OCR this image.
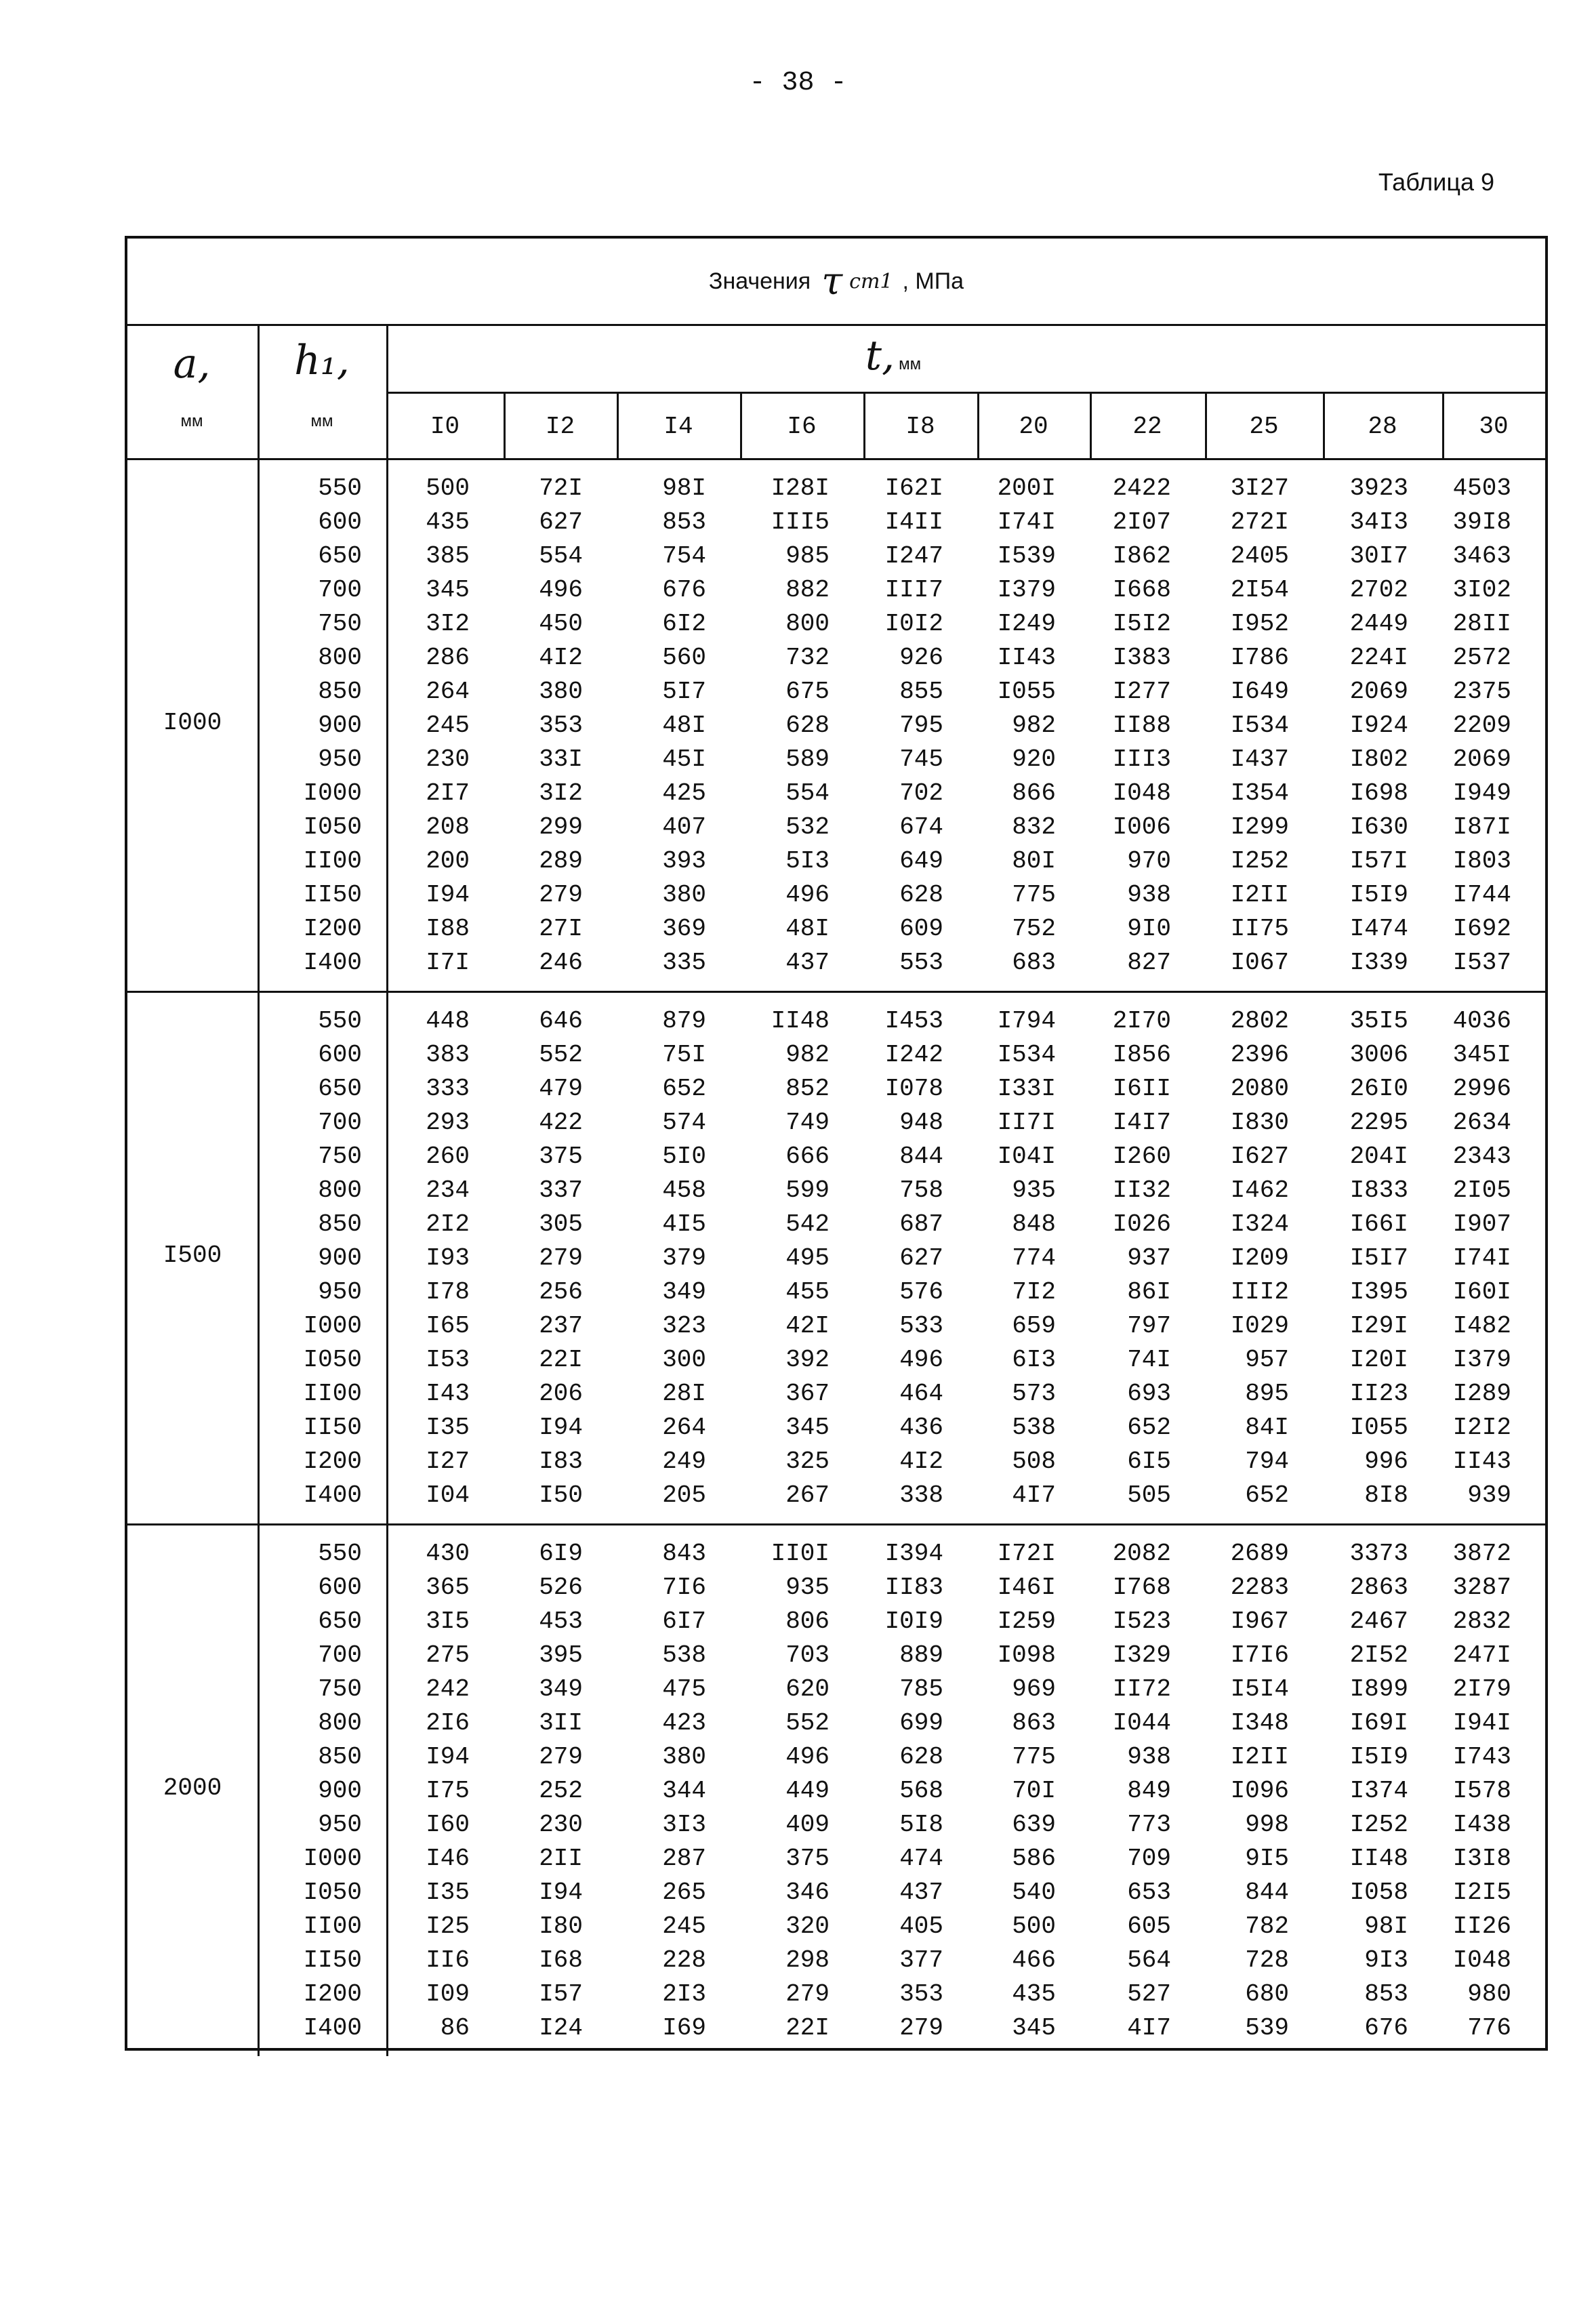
- 38 -
Таблица 9
Значения τ ст1 , МПа
a,
мм
h₁,
мм
t, мм
I0	I2	I4	I6	I8	20	22	25	28	30
I000
550	500	72I	98I	I28I	I62I	200I	2422	3I27	3923	4503
600	435	627	853	III5	I4II	I74I	2I07	272I	34I3	39I8
650	385	554	754	985	I247	I539	I862	2405	30I7	3463
700	345	496	676	882	III7	I379	I668	2I54	2702	3I02
750	3I2	450	6I2	800	I0I2	I249	I5I2	I952	2449	28II
800	286	4I2	560	732	926	II43	I383	I786	224I	2572
850	264	380	5I7	675	855	I055	I277	I649	2069	2375
900	245	353	48I	628	795	982	II88	I534	I924	2209
950	230	33I	45I	589	745	920	III3	I437	I802	2069
I000	2I7	3I2	425	554	702	866	I048	I354	I698	I949
I050	208	299	407	532	674	832	I006	I299	I630	I87I
II00	200	289	393	5I3	649	80I	970	I252	I57I	I803
II50	I94	279	380	496	628	775	938	I2II	I5I9	I744
I200	I88	27I	369	48I	609	752	9I0	II75	I474	I692
I400	I7I	246	335	437	553	683	827	I067	I339	I537
I500
550	448	646	879	II48	I453	I794	2I70	2802	35I5	4036
600	383	552	75I	982	I242	I534	I856	2396	3006	345I
650	333	479	652	852	I078	I33I	I6II	2080	26I0	2996
700	293	422	574	749	948	II7I	I4I7	I830	2295	2634
750	260	375	5I0	666	844	I04I	I260	I627	204I	2343
800	234	337	458	599	758	935	II32	I462	I833	2I05
850	2I2	305	4I5	542	687	848	I026	I324	I66I	I907
900	I93	279	379	495	627	774	937	I209	I5I7	I74I
950	I78	256	349	455	576	7I2	86I	III2	I395	I60I
I000	I65	237	323	42I	533	659	797	I029	I29I	I482
I050	I53	22I	300	392	496	6I3	74I	957	I20I	I379
II00	I43	206	28I	367	464	573	693	895	II23	I289
II50	I35	I94	264	345	436	538	652	84I	I055	I2I2
I200	I27	I83	249	325	4I2	508	6I5	794	996	II43
I400	I04	I50	205	267	338	4I7	505	652	8I8	939
2000
550	430	6I9	843	II0I	I394	I72I	2082	2689	3373	3872
600	365	526	7I6	935	II83	I46I	I768	2283	2863	3287
650	3I5	453	6I7	806	I0I9	I259	I523	I967	2467	2832
700	275	395	538	703	889	I098	I329	I7I6	2I52	247I
750	242	349	475	620	785	969	II72	I5I4	I899	2I79
800	2I6	3II	423	552	699	863	I044	I348	I69I	I94I
850	I94	279	380	496	628	775	938	I2II	I5I9	I743
900	I75	252	344	449	568	70I	849	I096	I374	I578
950	I60	230	3I3	409	5I8	639	773	998	I252	I438
I000	I46	2II	287	375	474	586	709	9I5	II48	I3I8
I050	I35	I94	265	346	437	540	653	844	I058	I2I5
II00	I25	I80	245	320	405	500	605	782	98I	II26
II50	II6	I68	228	298	377	466	564	728	9I3	I048
I200	I09	I57	2I3	279	353	435	527	680	853	980
I400	86	I24	I69	22I	279	345	4I7	539	676	776
